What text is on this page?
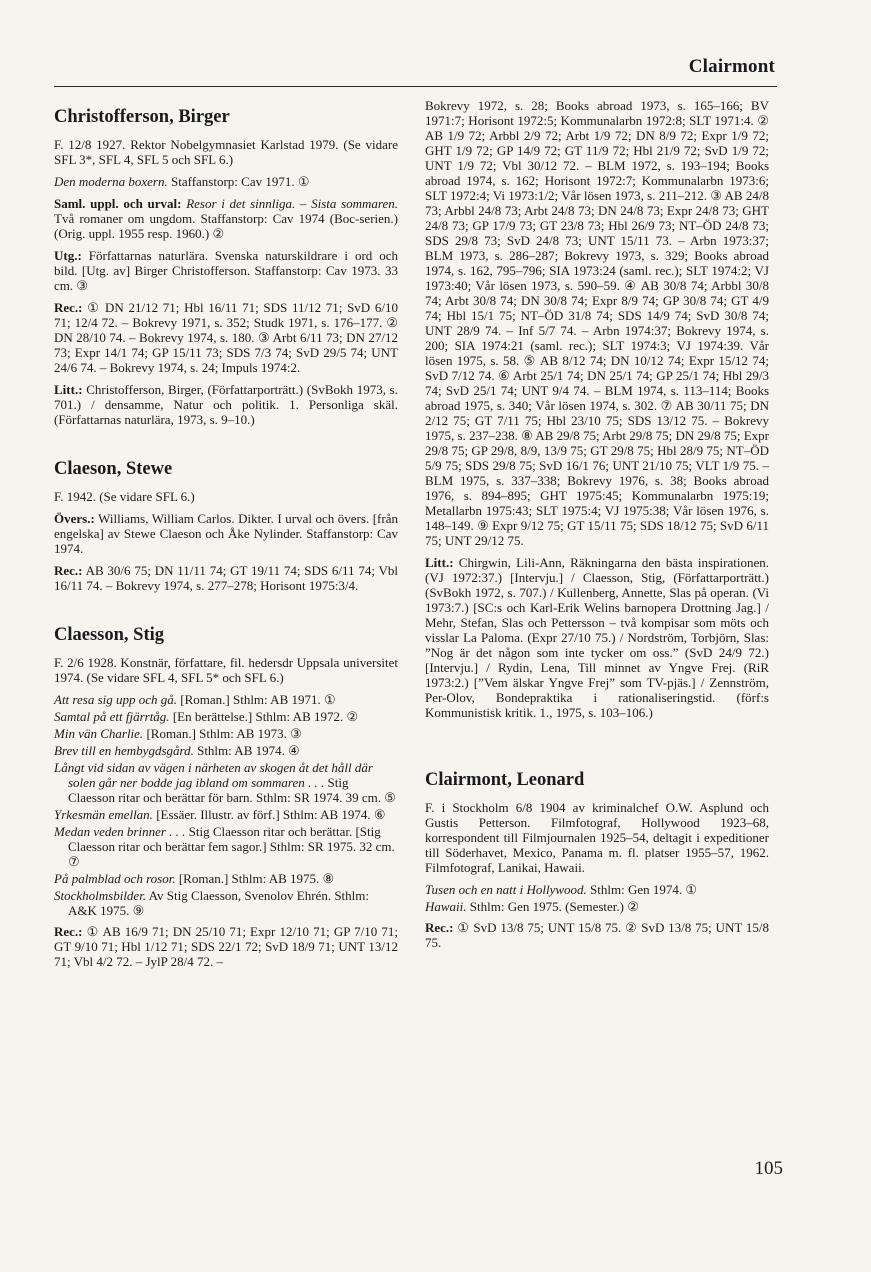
Clairmont
Christofferson, Birger

F. 12/8 1927. Rektor Nobelgymnasiet Karlstad 1979. (Se vidare SFL 3*, SFL 4, SFL 5 och SFL 6.)

Den moderna boxern. Staffanstorp: Cav 1971. ①

Saml. uppl. och urval: Resor i det sinnliga. – Sista sommaren. Två romaner om ungdom. Staffanstorp: Cav 1974 (Boc-serien.) (Orig. uppl. 1955 resp. 1960.) ②

Utg.: Författarnas naturlära. Svenska naturskildrare i ord och bild. [Utg. av] Birger Christofferson. Staffanstorp: Cav 1973. 33 cm. ③

Rec.: ① DN 21/12 71; Hbl 16/11 71; SDS 11/12 71; SvD 6/10 71; 12/4 72. – Bokrevy 1971, s. 352; Studk 1971, s. 176–177. ② DN 28/10 74. – Bokrevy 1974, s. 180. ③ Arbt 6/11 73; DN 27/12 73; Expr 14/1 74; GP 15/11 73; SDS 7/3 74; SvD 29/5 74; UNT 24/6 74. – Bokrevy 1974, s. 24; Impuls 1974:2.

Litt.: Christofferson, Birger, (Författarporträtt.) (SvBokh 1973, s. 701.) / densamme, Natur och politik. 1. Personliga skäl. (Författarnas naturlära, 1973, s. 9–10.)

Claeson, Stewe

F. 1942. (Se vidare SFL 6.)

Övers.: Williams, William Carlos. Dikter. I urval och övers. [från engelska] av Stewe Claeson och Åke Nylinder. Staffanstorp: Cav 1974.

Rec.: AB 30/6 75; DN 11/11 74; GT 19/11 74; SDS 6/11 74; Vbl 16/11 74. – Bokrevy 1974, s. 277–278; Horisont 1975:3/4.

Claesson, Stig

F. 2/6 1928. Konstnär, författare, fil. hedersdr Uppsala universitet 1974. (Se vidare SFL 4, SFL 5* och SFL 6.)

Att resa sig upp och gå. [Roman.] Sthlm: AB 1971. ①

Samtal på ett fjärrtåg. [En berättelse.] Sthlm: AB 1972. ②

Min vän Charlie. [Roman.] Sthlm: AB 1973. ③

Brev till en hembygdsgård. Sthlm: AB 1974. ④

Långt vid sidan av vägen i närheten av skogen åt det håll där solen går ner bodde jag ibland om sommaren . . . Stig Claesson ritar och berättar för barn. Sthlm: SR 1974. 39 cm. ⑤

Yrkesmän emellan. [Essäer. Illustr. av förf.] Sthlm: AB 1974. ⑥

Medan veden brinner . . . Stig Claesson ritar och berättar. [Stig Claesson ritar och berättar fem sagor.] Sthlm: SR 1975. 32 cm. ⑦

På palmblad och rosor. [Roman.] Sthlm: AB 1975. ⑧

Stockholmsbilder. Av Stig Claesson, Svenolov Ehrén. Sthlm: A&K 1975. ⑨

Rec.: ① AB 16/9 71; DN 25/10 71; Expr 12/10 71; GP 7/10 71; GT 9/10 71; Hbl 1/12 71; SDS 22/1 72; SvD 18/9 71; UNT 13/12 71; Vbl 4/2 72. – JylP 28/4 72. –

Bokrevy 1972, s. 28; Books abroad 1973, s. 165–166; BV 1971:7; Horisont 1972:5; Kommunalarbn 1972:8; SLT 1971:4. ② AB 1/9 72; Arbbl 2/9 72; Arbt 1/9 72; DN 8/9 72; Expr 1/9 72; GHT 1/9 72; GP 14/9 72; GT 11/9 72; Hbl 21/9 72; SvD 1/9 72; UNT 1/9 72; Vbl 30/12 72. – BLM 1972, s. 193–194; Books abroad 1974, s. 162; Horisont 1972:7; Kommunalarbn 1973:6; SLT 1972:4; Vi 1973:1/2; Vår lösen 1973, s. 211–212. ③ AB 24/8 73; Arbbl 24/8 73; Arbt 24/8 73; DN 24/8 73; Expr 24/8 73; GHT 24/8 73; GP 17/9 73; GT 23/8 73; Hbl 26/9 73; NT–ÖD 24/8 73; SDS 29/8 73; SvD 24/8 73; UNT 15/11 73. – Arbn 1973:37; BLM 1973, s. 286–287; Bokrevy 1973, s. 329; Books abroad 1974, s. 162, 795–796; SIA 1973:24 (saml. rec.); SLT 1974:2; VJ 1973:40; Vår lösen 1973, s. 590–59. ④ AB 30/8 74; Arbbl 30/8 74; Arbt 30/8 74; DN 30/8 74; Expr 8/9 74; GP 30/8 74; GT 4/9 74; Hbl 15/1 75; NT–ÖD 31/8 74; SDS 14/9 74; SvD 30/8 74; UNT 28/9 74. – Inf 5/7 74. – Arbn 1974:37; Bokrevy 1974, s. 200; SIA 1974:21 (saml. rec.); SLT 1974:3; VJ 1974:39. Vår lösen 1975, s. 58. ⑤ AB 8/12 74; DN 10/12 74; Expr 15/12 74; SvD 7/12 74. ⑥ Arbt 25/1 74; DN 25/1 74; GP 25/1 74; Hbl 29/3 74; SvD 25/1 74; UNT 9/4 74. – BLM 1974, s. 113–114; Books abroad 1975, s. 340; Vår lösen 1974, s. 302. ⑦ AB 30/11 75; DN 2/12 75; GT 7/11 75; Hbl 23/10 75; SDS 13/12 75. – Bokrevy 1975, s. 237–238. ⑧ AB 29/8 75; Arbt 29/8 75; DN 29/8 75; Expr 29/8 75; GP 29/8, 8/9, 13/9 75; GT 29/8 75; Hbl 28/9 75; NT–ÖD 5/9 75; SDS 29/8 75; SvD 16/1 76; UNT 21/10 75; VLT 1/9 75. – BLM 1975, s. 337–338; Bokrevy 1976, s. 38; Books abroad 1976, s. 894–895; GHT 1975:45; Kommunalarbn 1975:19; Metallarbn 1975:43; SLT 1975:4; VJ 1975:38; Vår lösen 1976, s. 148–149. ⑨ Expr 9/12 75; GT 15/11 75; SDS 18/12 75; SvD 6/11 75; UNT 29/12 75.

Litt.: Chirgwin, Lili-Ann, Räkningarna den bästa inspirationen. (VJ 1972:37.) [Intervju.] / Claesson, Stig, (Författarporträtt.) (SvBokh 1972, s. 707.) / Kullenberg, Annette, Slas på operan. (Vi 1973:7.) [SC:s och Karl-Erik Welins barnopera Drottning Jag.] / Mehr, Stefan, Slas och Pettersson – två kompisar som möts och visslar La Paloma. (Expr 27/10 75.) / Nordström, Torbjörn, Slas: ”Nog är det någon som inte tycker om oss.” (SvD 24/9 72.) [Intervju.] / Rydin, Lena, Till minnet av Yngve Frej. (RiR 1973:2.) [”Vem älskar Yngve Frej” som TV-pjäs.] / Zennström, Per-Olov, Bondepraktika i rationaliseringstid. (förf:s Kommunistisk kritik. 1., 1975, s. 103–106.)

Clairmont, Leonard

F. i Stockholm 6/8 1904 av kriminalchef O.W. Asplund och Gustis Petterson. Filmfotograf, Hollywood 1923–68, korrespondent till Filmjournalen 1925–54, deltagit i expeditioner till Söderhavet, Mexico, Panama m. fl. platser 1955–57, 1962. Filmfotograf, Lanikai, Hawaii.

Tusen och en natt i Hollywood. Sthlm: Gen 1974. ①

Hawaii. Sthlm: Gen 1975. (Semester.) ②

Rec.: ① SvD 13/8 75; UNT 15/8 75. ② SvD 13/8 75; UNT 15/8 75.

105
